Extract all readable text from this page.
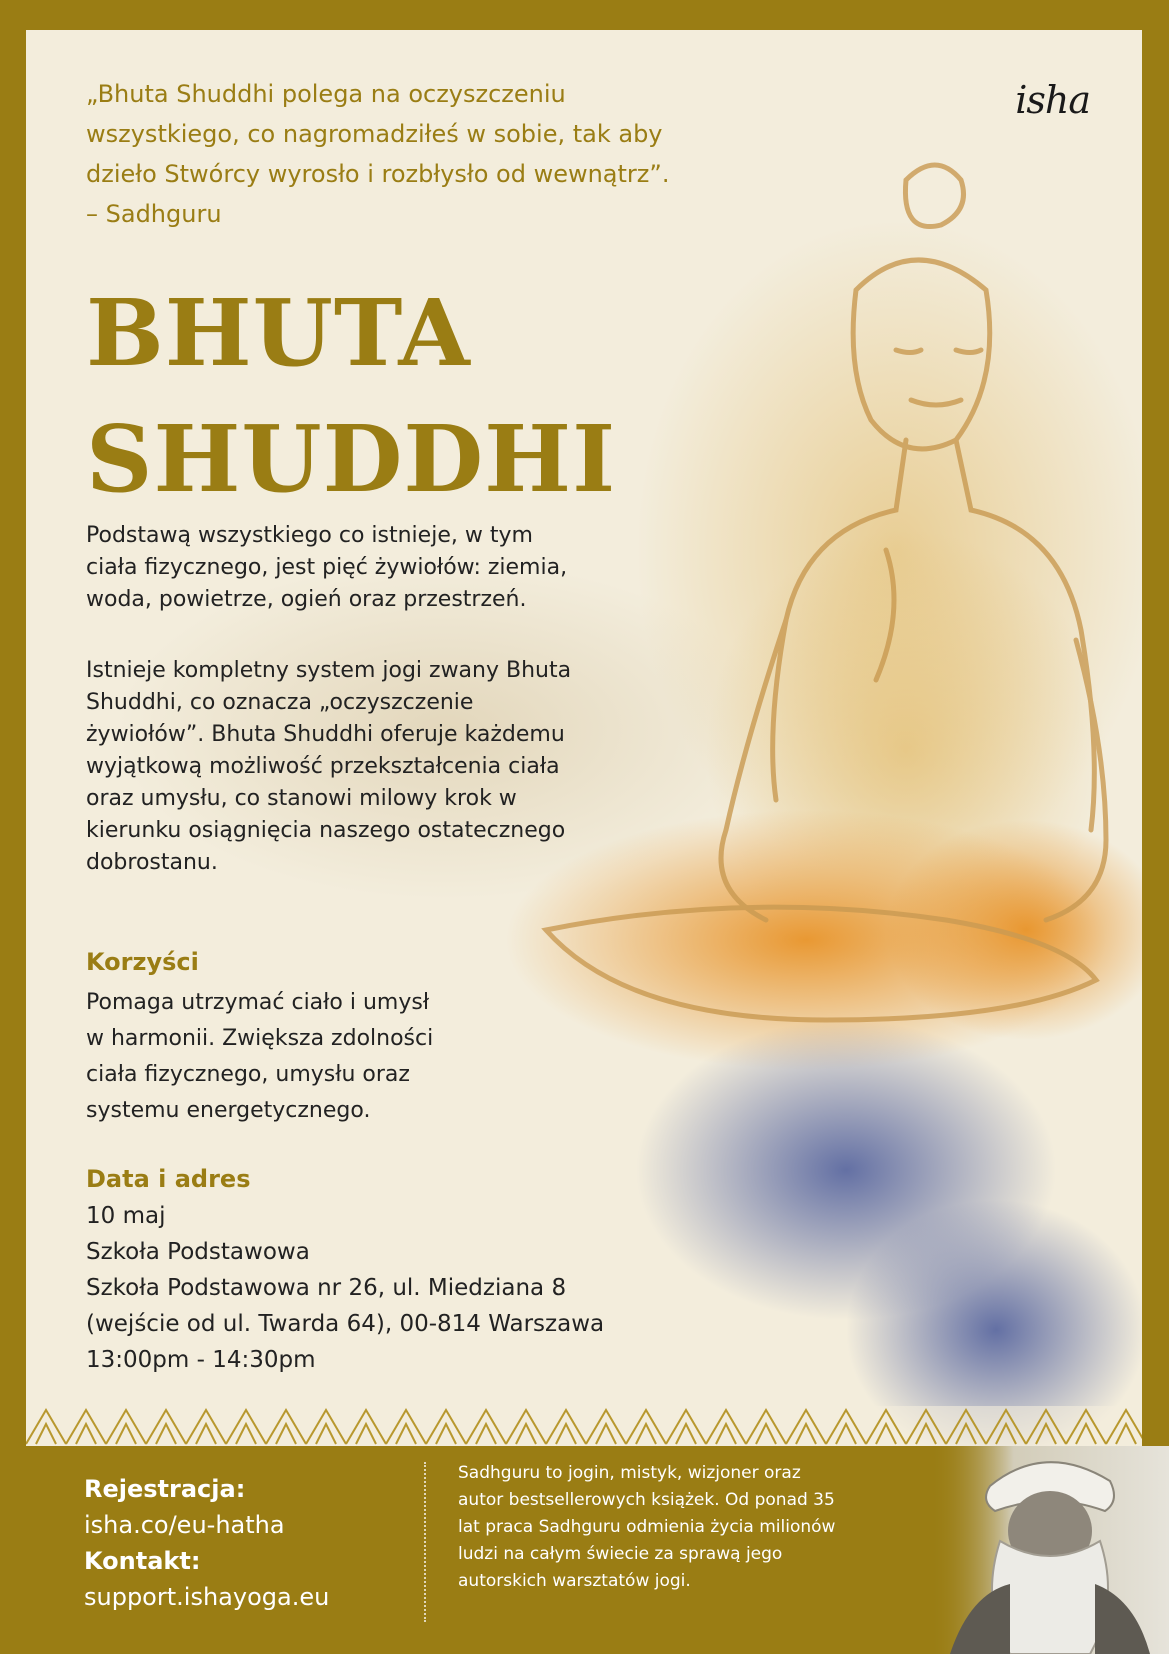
„Bhuta Shuddhi polega na oczyszczeniu
wszystkiego, co nagromadziłeś w sobie, tak aby
dzieło Stwórcy wyrosło i rozbłysło od wewnątrz”.
– Sadhguru
isha
BHUTA
SHUDDHI
Podstawą wszystkiego co istnieje, w tym
ciała fizycznego, jest pięć żywiołów: ziemia,
woda, powietrze, ogień oraz przestrzeń.
Istnieje kompletny system jogi zwany Bhuta
Shuddhi, co oznacza „oczyszczenie
żywiołów”. Bhuta Shuddhi oferuje każdemu
wyjątkową możliwość przekształcenia ciała
oraz umysłu, co stanowi milowy krok w
kierunku osiągnięcia naszego ostatecznego
dobrostanu.
Korzyści
Pomaga utrzymać ciało i umysł
w harmonii. Zwiększa zdolności
ciała fizycznego, umysłu oraz
systemu energetycznego.
Data i adres
10 maj
Szkoła Podstawowa
Szkoła Podstawowa nr 26, ul. Miedziana 8
(wejście od ul. Twarda 64), 00-814 Warszawa
13:00pm - 14:30pm
Rejestracja:
isha.co/eu-hatha
Kontakt:
support.ishayoga.eu
Sadhguru to jogin, mistyk, wizjoner oraz
autor bestsellerowych książek. Od ponad 35
lat praca Sadhguru odmienia życia milionów
ludzi na całym świecie za sprawą jego
autorskich warsztatów jogi.
